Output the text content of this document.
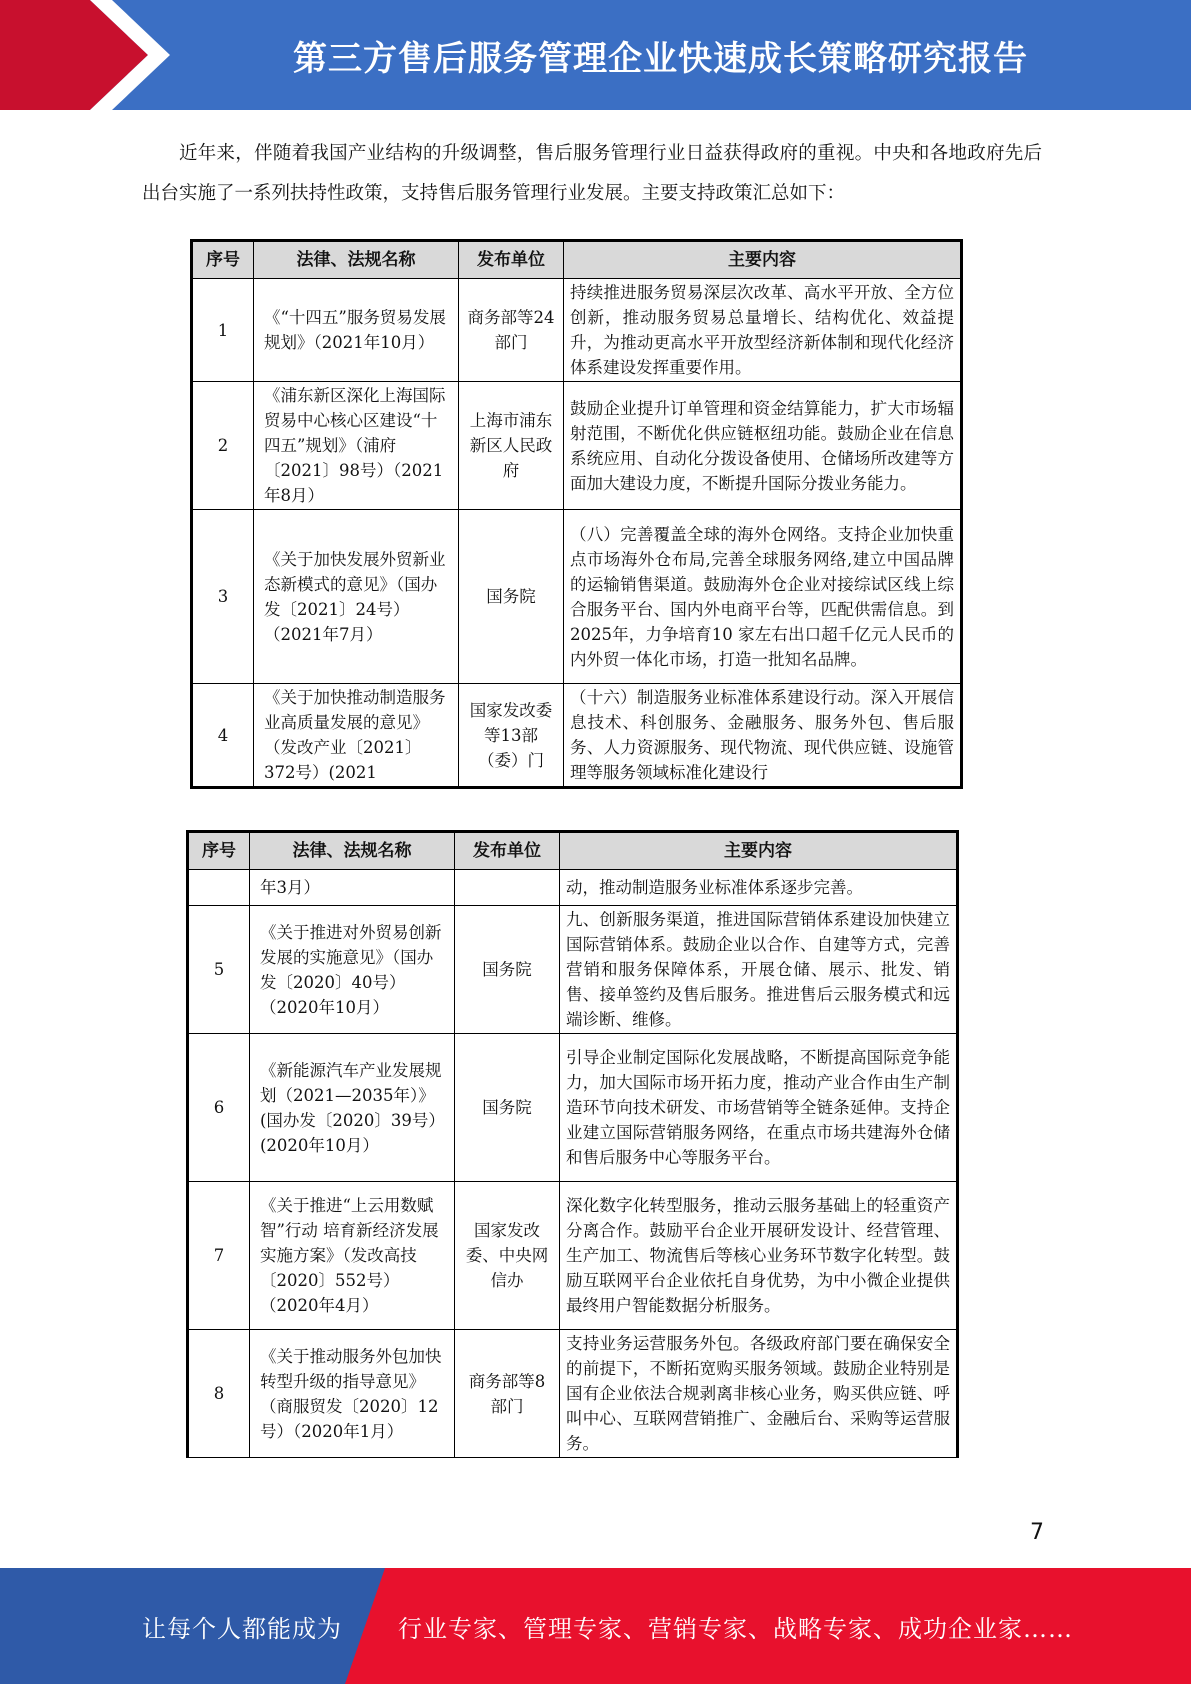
第三方售后服务管理企业快速成长策略研究报告

近年来，伴随着我国产业结构的升级调整，售后服务管理行业日益获得政府的重视。中央和各地政府先后出台实施了一系列扶持性政策，支持售后服务管理行业发展。主要支持政策汇总如下：

序号	法律、法规名称	发布单位	主要内容
1	《“十四五”服务贸易发展规划》（2021年10月）	商务部等24部门	持续推进服务贸易深层次改革、高水平开放、全方位创新，推动服务贸易总量增长、结构优化、效益提升，为推动更高水平开放型经济新体制和现代化经济体系建设发挥重要作用。
2	《浦东新区深化上海国际贸易中心核心区建设“十四五”规划》（浦府〔2021〕98号）（2021年8月）	上海市浦东新区人民政府	鼓励企业提升订单管理和资金结算能力，扩大市场辐射范围，不断优化供应链枢纽功能。鼓励企业在信息系统应用、自动化分拨设备使用、仓储场所改建等方面加大建设力度，不断提升国际分拨业务能力。
3	《关于加快发展外贸新业态新模式的意见》（国办发〔2021〕24号）（2021年7月）	国务院	（八）完善覆盖全球的海外仓网络。支持企业加快重点市场海外仓布局,完善全球服务网络,建立中国品牌的运输销售渠道。鼓励海外仓企业对接综试区线上综合服务平台、国内外电商平台等，匹配供需信息。到2025年，力争培育10 家左右出口超千亿元人民币的内外贸一体化市场，打造一批知名品牌。
4	《关于加快推动制造服务业高质量发展的意见》（发改产业〔2021〕372号）(2021	国家发改委等13部（委）门	（十六）制造服务业标准体系建设行动。深入开展信息技术、科创服务、金融服务、服务外包、售后服务、人力资源服务、现代物流、现代供应链、设施管理等服务领域标准化建设行
序号	法律、法规名称	发布单位	主要内容
	年3月）		动，推动制造服务业标准体系逐步完善。
5	《关于推进对外贸易创新发展的实施意见》（国办发〔2020〕40号）（2020年10月）	国务院	九、创新服务渠道，推进国际营销体系建设加快建立国际营销体系。鼓励企业以合作、自建等方式，完善营销和服务保障体系，开展仓储、展示、批发、销售、接单签约及售后服务。推进售后云服务模式和远端诊断、维修。
6	《新能源汽车产业发展规划（2021—2035年）》(国办发〔2020〕39号）(2020年10月）	国务院	引导企业制定国际化发展战略，不断提高国际竞争能力，加大国际市场开拓力度，推动产业合作由生产制造环节向技术研发、市场营销等全链条延伸。支持企业建立国际营销服务网络，在重点市场共建海外仓储和售后服务中心等服务平台。
7	《关于推进“上云用数赋智”行动 培育新经济发展实施方案》（发改高技〔2020〕552号）（2020年4月）	国家发改委、中央网信办	深化数字化转型服务，推动云服务基础上的轻重资产分离合作。鼓励平台企业开展研发设计、经营管理、生产加工、物流售后等核心业务环节数字化转型。鼓励互联网平台企业依托自身优势，为中小微企业提供最终用户智能数据分析服务。
8	《关于推动服务外包加快转型升级的指导意见》（商服贸发〔2020〕12号）（2020年1月）	商务部等8部门	支持业务运营服务外包。各级政府部门要在确保安全的前提下，不断拓宽购买服务领域。鼓励企业特别是国有企业依法合规剥离非核心业务，购买供应链、呼叫中心、互联网营销推广、金融后台、采购等运营服务。
7
让每个人都能成为 行业专家、管理专家、营销专家、战略专家、成功企业家……
